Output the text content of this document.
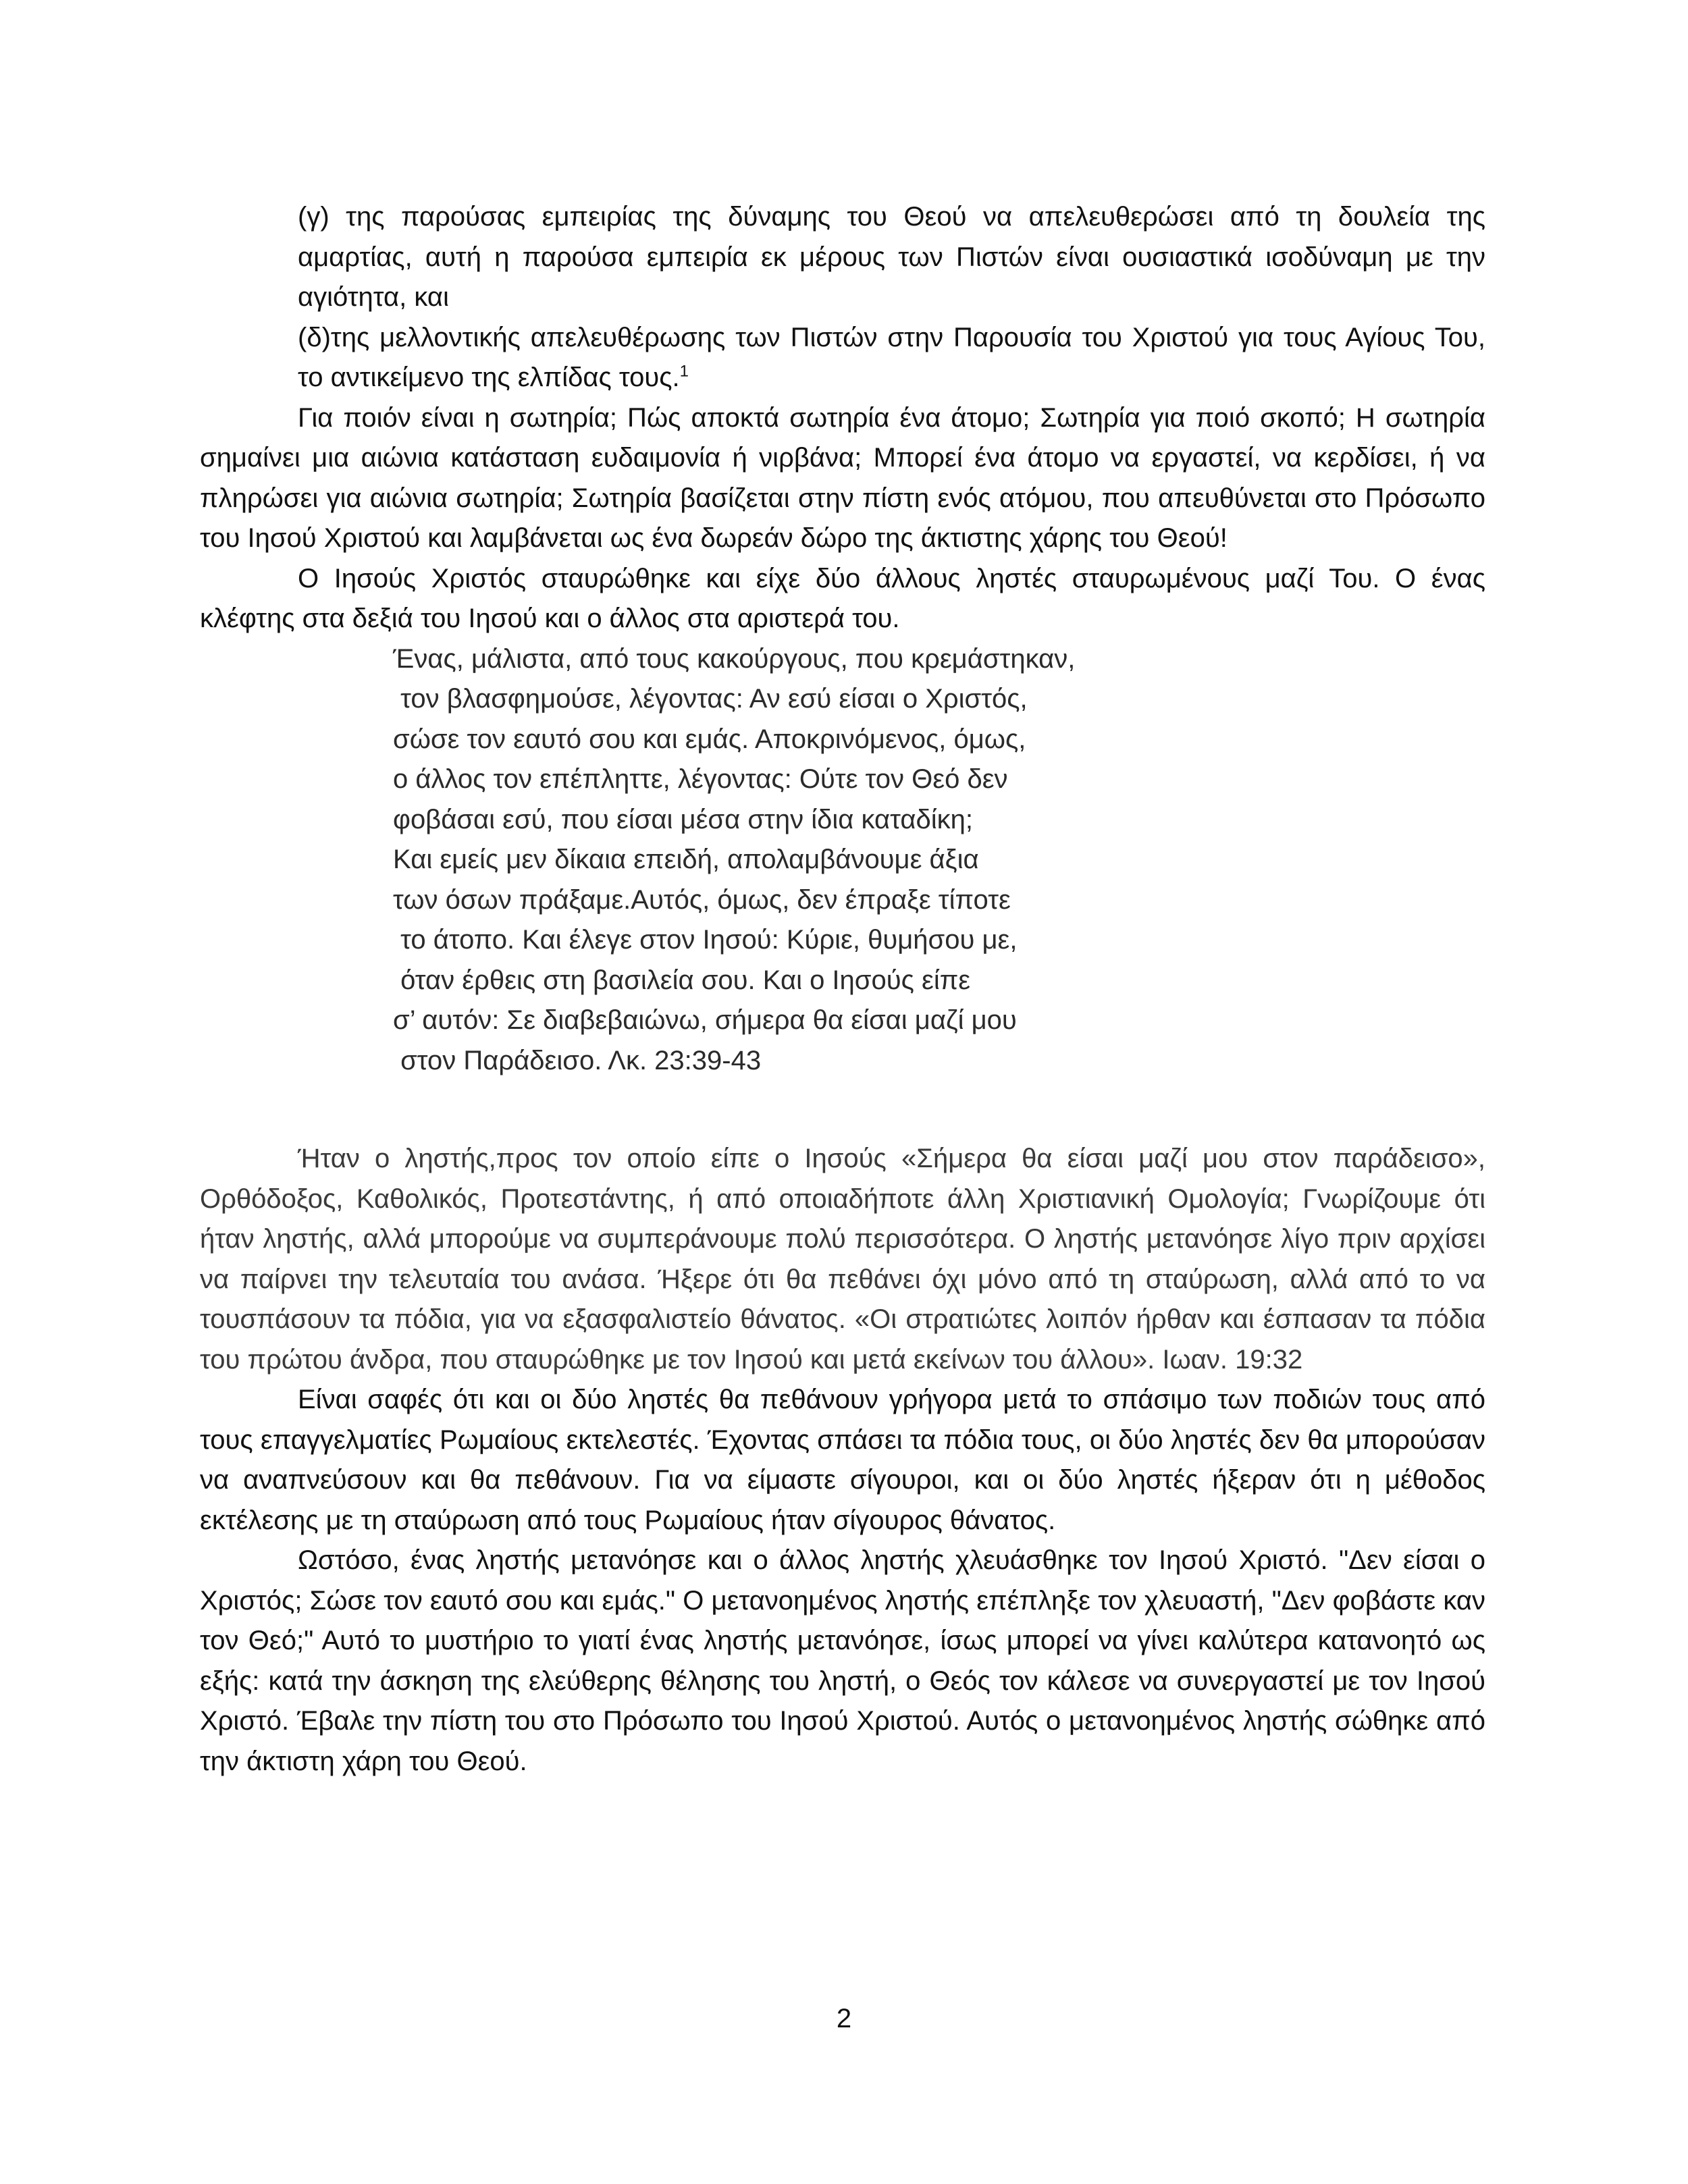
(γ) της παρούσας εμπειρίας της δύναμης του Θεού να απελευθερώσει από τη δουλεία της αμαρτίας, αυτή η παρούσα εμπειρία εκ μέρους των Πιστών είναι ουσιαστικά ισοδύναμη με την αγιότητα, και

(δ)της μελλοντικής απελευθέρωσης των Πιστών στην Παρουσία του Χριστού για τους Αγίους Του, το αντικείμενο της ελπίδας τους.$^1$

Για ποιόν είναι η σωτηρία; Πώς αποκτά σωτηρία ένα άτομο; Σωτηρία για ποιό σκοπό; Η σωτηρία σημαίνει μια αιώνια κατάσταση ευδαιμονία ή νιρβάνα; Μπορεί ένα άτομο να εργαστεί, να κερδίσει, ή να πληρώσει για αιώνια σωτηρία; Σωτηρία βασίζεται στην πίστη ενός ατόμου, που απευθύνεται στο Πρόσωπο του Ιησού Χριστού και λαμβάνεται ως ένα δωρεάν δώρο της άκτιστης χάρης του Θεού!

Ο Ιησούς Χριστός σταυρώθηκε και είχε δύο άλλους ληστές σταυρωμένους μαζί Του. Ο ένας κλέφτης στα δεξιά του Ιησού και ο άλλος στα αριστερά του.

Ένας, μάλιστα, από τους κακούργους, που κρεμάστηκαν,

τον βλασφημούσε, λέγοντας: Αν εσύ είσαι ο Χριστός,

σώσε τον εαυτό σου και εμάς. Αποκρινόμενος, όμως,

ο άλλος τον επέπληττε, λέγοντας: Ούτε τον Θεό δεν

φοβάσαι εσύ, που είσαι μέσα στην ίδια καταδίκη;

Και εμείς μεν δίκαια επειδή, απολαμβάνουμε άξια

των όσων πράξαμε.Αυτός, όμως, δεν έπραξε τίποτε

το άτοπο. Και έλεγε στον Ιησού: Κύριε, θυμήσου με,

όταν έρθεις στη βασιλεία σου. Και ο Ιησούς είπε

σ’ αυτόν: Σε διαβεβαιώνω, σήμερα θα είσαι μαζί μου

στον Παράδεισο. Λκ. 23:39-43

Ήταν ο ληστής,προς τον οποίο είπε ο Ιησούς «Σήμερα θα είσαι μαζί μου στον παράδεισο», Ορθόδοξος, Καθολικός, Προτεστάντης, ή από οποιαδήποτε άλλη Χριστιανική Ομολογία; Γνωρίζουμε ότι ήταν ληστής, αλλά μπορούμε να συμπεράνουμε πολύ περισσότερα. Ο ληστής μετανόησε λίγο πριν αρχίσει να παίρνει την τελευταία του ανάσα. Ήξερε ότι θα πεθάνει όχι μόνο από τη σταύρωση, αλλά από το να τουσπάσουν τα πόδια, για να εξασφαλιστείο θάνατος. «Οι στρατιώτες λοιπόν ήρθαν και έσπασαν τα πόδια του πρώτου άνδρα, που σταυρώθηκε με τον Ιησού και μετά εκείνων του άλλου». Ιωαν. 19:32

Είναι σαφές ότι και οι δύο ληστές θα πεθάνουν γρήγορα μετά το σπάσιμο των ποδιών τους από τους επαγγελματίες Ρωμαίους εκτελεστές. Έχοντας σπάσει τα πόδια τους, οι δύο ληστές δεν θα μπορούσαν να αναπνεύσουν και θα πεθάνουν. Για να είμαστε σίγουροι, και οι δύο ληστές ήξεραν ότι η μέθοδος εκτέλεσης με τη σταύρωση από τους Ρωμαίους ήταν σίγουρος θάνατος.

Ωστόσο, ένας ληστής μετανόησε και ο άλλος ληστής χλευάσθηκε τον Ιησού Χριστό. "Δεν είσαι ο Χριστός; Σώσε τον εαυτό σου και εμάς." Ο μετανοημένος ληστής επέπληξε τον χλευαστή, "Δεν φοβάστε καν τον Θεό;" Αυτό το μυστήριο το γιατί ένας ληστής μετανόησε, ίσως μπορεί να γίνει καλύτερα κατανοητό ως εξής: κατά την άσκηση της ελεύθερης θέλησης του ληστή, ο Θεός τον κάλεσε να συνεργαστεί με τον Ιησού Χριστό. Έβαλε την πίστη του στο Πρόσωπο του Ιησού Χριστού. Αυτός ο μετανοημένος ληστής σώθηκε από την άκτιστη χάρη του Θεού.

2
